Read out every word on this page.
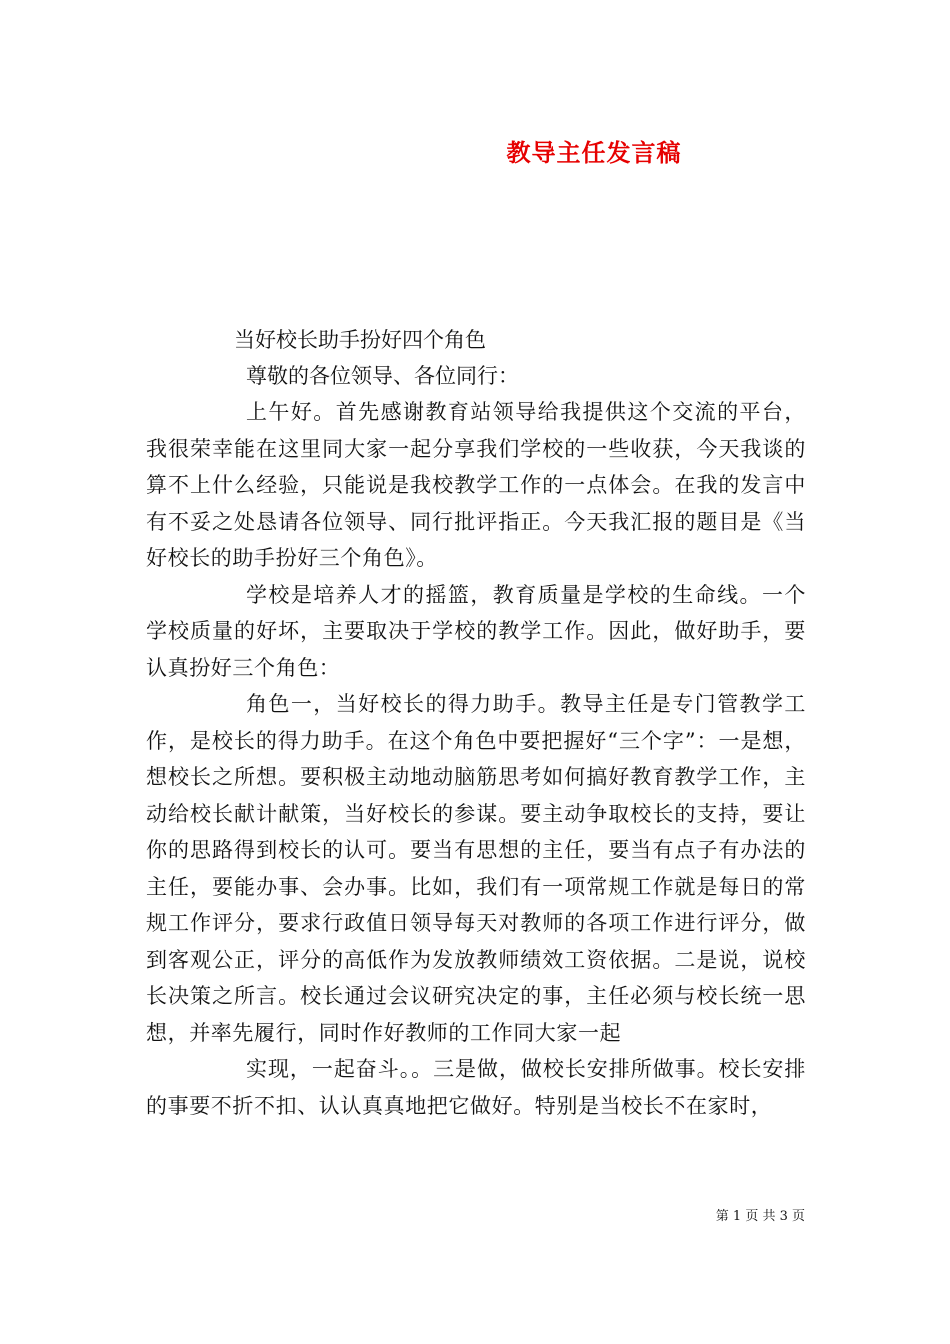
教导主任发言稿

当好校长助手扮好四个角色

尊敬的各位领导、各位同行：

上午好。首先感谢教育站领导给我提供这个交流的平台，我很荣幸能在这里同大家一起分享我们学校的一些收获，今天我谈的算不上什么经验，只能说是我校教学工作的一点体会。在我的发言中有不妥之处恳请各位领导、同行批评指正。今天我汇报的题目是《当好校长的助手扮好三个角色》。

学校是培养人才的摇篮，教育质量是学校的生命线。一个学校质量的好坏，主要取决于学校的教学工作。因此，做好助手，要认真扮好三个角色：

角色一，当好校长的得力助手。教导主任是专门管教学工作，是校长的得力助手。在这个角色中要把握好“三个字”：一是想，想校长之所想。要积极主动地动脑筋思考如何搞好教育教学工作，主动给校长献计献策，当好校长的参谋。要主动争取校长的支持，要让你的思路得到校长的认可。要当有思想的主任，要当有点子有办法的主任，要能办事、会办事。比如，我们有一项常规工作就是每日的常规工作评分，要求行政值日领导每天对教师的各项工作进行评分，做到客观公正，评分的高低作为发放教师绩效工资依据。二是说，说校长决策之所言。校长通过会议研究决定的事，主任必须与校长统一思想，并率先履行，同时作好教师的工作同大家一起

实现，一起奋斗。。三是做，做校长安排所做事。校长安排的事要不折不扣、认认真真地把它做好。特别是当校长不在家时，

第 1 页 共 3 页
